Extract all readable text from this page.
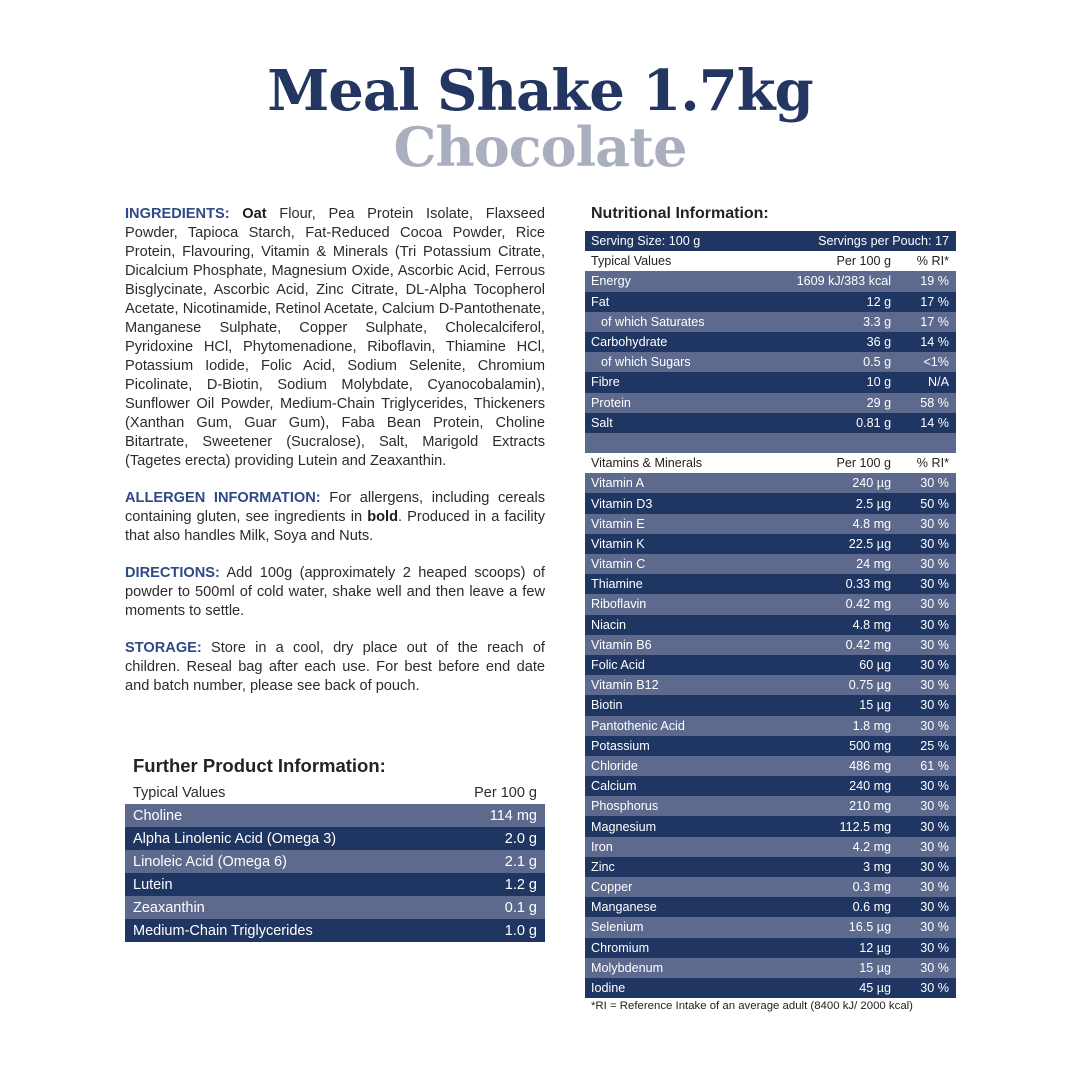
Meal Shake 1.7kg
Chocolate

INGREDIENTS: Oat Flour, Pea Protein Isolate, Flaxseed Powder, Tapioca Starch, Fat-Reduced Cocoa Powder, Rice Protein, Flavouring, Vitamin & Minerals (Tri Potassium Citrate, Dicalcium Phosphate, Magnesium Oxide, Ascorbic Acid, Ferrous Bisglycinate, Ascorbic Acid, Zinc Citrate, DL-Alpha Tocopherol Acetate, Nicotinamide, Retinol Acetate, Calcium D-Pantothenate, Manganese Sulphate, Copper Sulphate, Cholecalciferol, Pyridoxine HCl, Phytomenadione, Riboflavin, Thiamine HCl, Potassium Iodide, Folic Acid, Sodium Selenite, Chromium Picolinate, D-Biotin, Sodium Molybdate, Cyanocobalamin), Sunflower Oil Powder, Medium-Chain Triglycerides, Thickeners (Xanthan Gum, Guar Gum), Faba Bean Protein, Choline Bitartrate, Sweetener (Sucralose), Salt, Marigold Extracts (Tagetes erecta) providing Lutein and Zeaxanthin.

ALLERGEN INFORMATION: For allergens, including cereals containing gluten, see ingredients in bold. Produced in a facility that also handles Milk, Soya and Nuts.

DIRECTIONS: Add 100g (approximately 2 heaped scoops) of powder to 500ml of cold water, shake well and then leave a few moments to settle.

STORAGE: Store in a cool, dry place out of the reach of children. Reseal bag after each use. For best before end date and batch number, please see back of pouch.

Further Product Information:
Typical Values	Per 100 g
Choline	114 mg
Alpha Linolenic Acid (Omega 3)	2.0 g
Linoleic Acid (Omega 6)	2.1 g
Lutein	1.2 g
Zeaxanthin	0.1 g
Medium-Chain Triglycerides	1.0 g
Nutritional Information:
Serving Size: 100 g	Servings per Pouch: 17	
Typical Values	Per 100 g	% RI*
Energy	1609 kJ/383 kcal	19 %
Fat	12 g	17 %
of which Saturates	3.3 g	17 %
Carbohydrate	36 g	14 %
of which Sugars	0.5 g	<1%
Fibre	10 g	N/A
Protein	29 g	58 %
Salt	0.81 g	14 %

Vitamins & Minerals	Per 100 g	% RI*
Vitamin A	240 µg	30 %
Vitamin D3	2.5 µg	50 %
Vitamin E	4.8 mg	30 %
Vitamin K	22.5 µg	30 %
Vitamin C	24 mg	30 %
Thiamine	0.33 mg	30 %
Riboflavin	0.42 mg	30 %
Niacin	4.8 mg	30 %
Vitamin B6	0.42 mg	30 %
Folic Acid	60 µg	30 %
Vitamin B12	0.75 µg	30 %
Biotin	15 µg	30 %
Pantothenic Acid	1.8 mg	30 %
Potassium	500 mg	25 %
Chloride	486 mg	61 %
Calcium	240 mg	30 %
Phosphorus	210 mg	30 %
Magnesium	112.5 mg	30 %
Iron	4.2 mg	30 %
Zinc	3 mg	30 %
Copper	0.3 mg	30 %
Manganese	0.6 mg	30 %
Selenium	16.5 µg	30 %
Chromium	12 µg	30 %
Molybdenum	15 µg	30 %
Iodine	45 µg	30 %
*RI = Reference Intake of an average adult (8400 kJ/ 2000 kcal)
